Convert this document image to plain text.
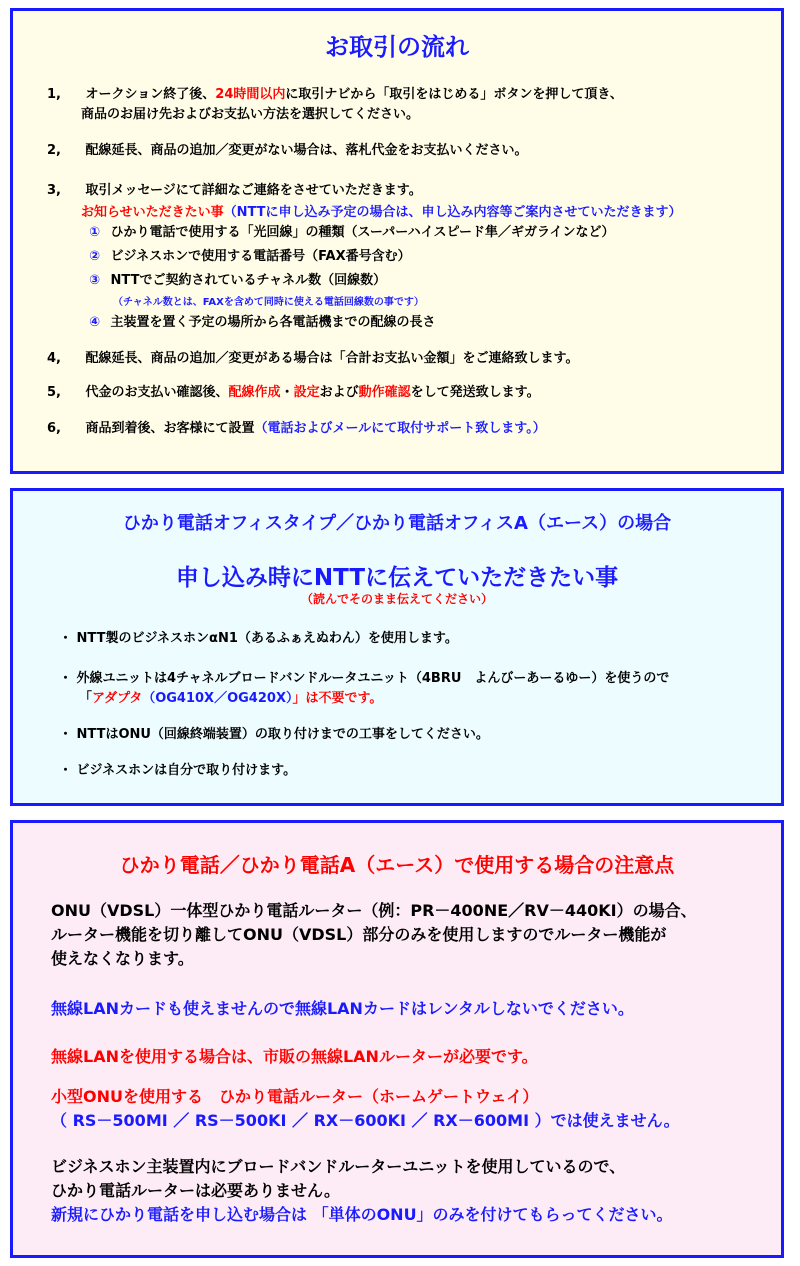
お取引の流れ
1, オークション終了後、24時間以内に取引ナビから「取引をはじめる」ボタンを押して頂き、
商品のお届け先およびお支払い方法を選択してください。
2, 配線延長、商品の追加／変更がない場合は、落札代金をお支払いください。
3, 取引メッセージにて詳細なご連絡をさせていただきます。
お知らせいただきたい事（NTTに申し込み予定の場合は、申し込み内容等ご案内させていただきます）
① ひかり電話で使用する「光回線」の種類（スーパーハイスピード隼／ギガラインなど）
② ビジネスホンで使用する電話番号（FAX番号含む）
③ NTTでご契約されているチャネル数（回線数）
（チャネル数とは、FAXを含めて同時に使える電話回線数の事です）
④ 主装置を置く予定の場所から各電話機までの配線の長さ
4, 配線延長、商品の追加／変更がある場合は「合計お支払い金額」をご連絡致します。
5, 代金のお支払い確認後、配線作成・設定および動作確認をして発送致します。
6, 商品到着後、お客様にて設置（電話およびメールにて取付サポート致します。）
ひかり電話オフィスタイプ／ひかり電話オフィスA（エース）の場合
申し込み時にNTTに伝えていただきたい事
（読んでそのまま伝えてください）
・ NTT製のビジネスホンαN1（あるふぁえぬわん）を使用します。
・ 外線ユニットは4チャネルブロードバンドルータユニット（4BRU　よんびーあーるゆー）を使うので
「アダプタ（OG410X／OG420X）」は不要です。
・ NTTはONU（回線終端装置）の取り付けまでの工事をしてください。
・ ビジネスホンは自分で取り付けます。
ひかり電話／ひかり電話A（エース）で使用する場合の注意点
ONU（VDSL）一体型ひかり電話ルーター（例：PR－400NE／RV－440KI）の場合、
ルーター機能を切り離してONU（VDSL）部分のみを使用しますのでルーター機能が
使えなくなります。
無線LANカードも使えませんので無線LANカードはレンタルしないでください。
無線LANを使用する場合は、市販の無線LANルーターが必要です。
小型ONUを使用する　ひかり電話ルーター（ホームゲートウェイ）
（ RS－500MI ／ RS－500KI ／ RX－600KI ／ RX－600MI ）では使えません。
ビジネスホン主装置内にブロードバンドルーターユニットを使用しているので、
ひかり電話ルーターは必要ありません。
新規にひかり電話を申し込む場合は 「単体のONU」のみを付けてもらってください。
